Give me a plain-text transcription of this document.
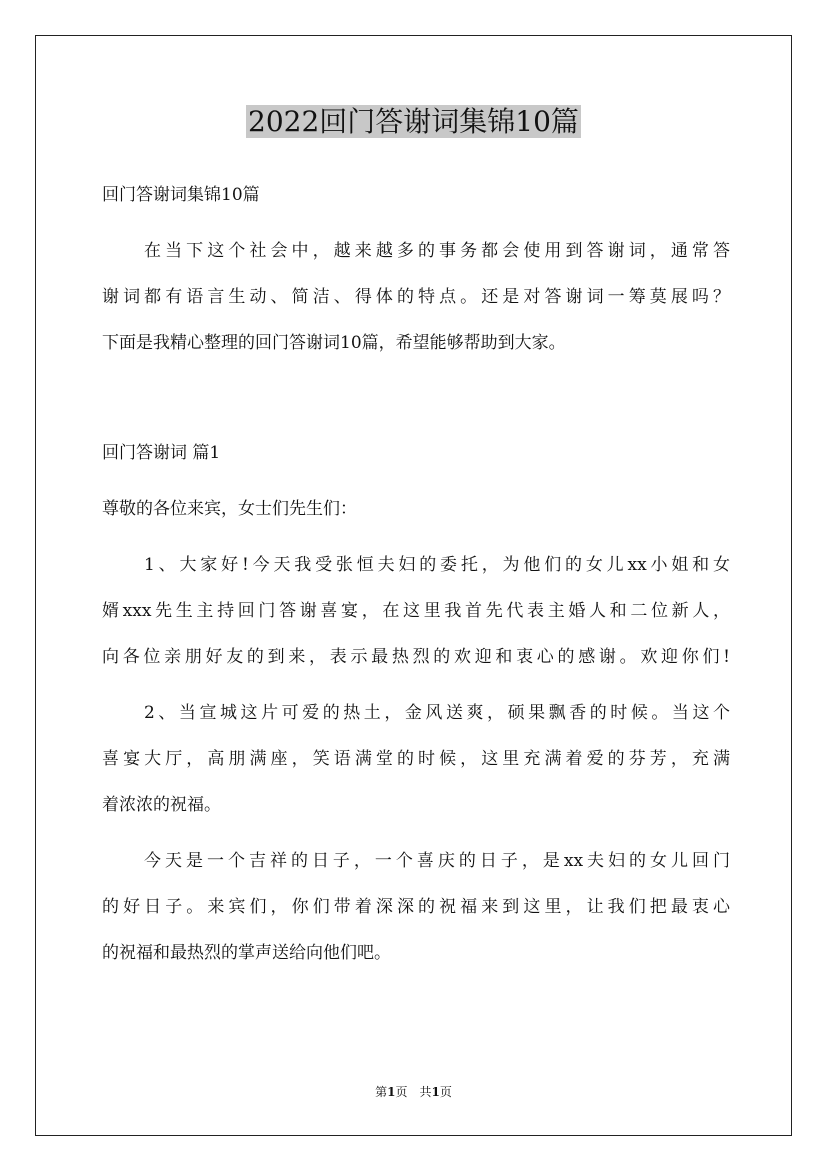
2022回门答谢词集锦10篇
回门答谢词集锦10篇
在当下这个社会中，越来越多的事务都会使用到答谢词，通常答
谢词都有语言生动、简洁、得体的特点。还是对答谢词一筹莫展吗？
下面是我精心整理的回门答谢词10篇，希望能够帮助到大家。
回门答谢词 篇1
尊敬的各位来宾，女士们先生们：
1、大家好!今天我受张恒夫妇的委托，为他们的女儿xx小姐和女
婿xxx先生主持回门答谢喜宴，在这里我首先代表主婚人和二位新人，
向各位亲朋好友的到来，表示最热烈的欢迎和衷心的感谢。欢迎你们!
2、当宣城这片可爱的热土，金风送爽，硕果飘香的时候。当这个
喜宴大厅，高朋满座，笑语满堂的时候，这里充满着爱的芬芳，充满
着浓浓的祝福。
今天是一个吉祥的日子，一个喜庆的日子，是xx夫妇的女儿回门
的好日子。来宾们，你们带着深深的祝福来到这里，让我们把最衷心
的祝福和最热烈的掌声送给向他们吧。
第1页　共1页
